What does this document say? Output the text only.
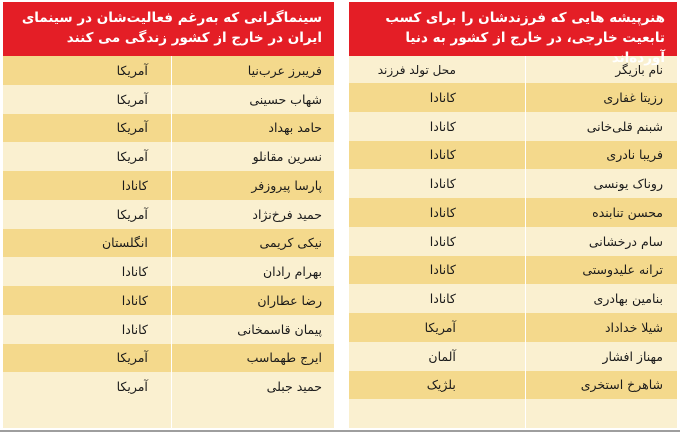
هنرپیشه هایی که فرزندشان را برای کسب تابعیت خارجی، در خارج از کشور به دنیا آورده‌اند
نام بازیگر
محل تولد فرزند
رزیتا غفاری
کانادا
شبنم قلی‌خانی
کانادا
فریبا نادری
کانادا
روناک یونسی
کانادا
محسن تنابنده
کانادا
سام درخشانی
کانادا
ترانه علیدوستی
کانادا
بنامین بهادری
کانادا
شیلا خداداد
آمریکا
مهناز افشار
آلمان
شاهرخ استخری
بلژیک
سینماگرانی که به‌رغم فعالیت‌شان در سینمای ایران در خارج از کشور زندگی می کنند
فریبرز عرب‌نیا
آمریکا
شهاب حسینی
آمریکا
حامد بهداد
آمریکا
نسرین مقانلو
آمریکا
پارسا پیروزفر
کانادا
حمید فرخ‌نژاد
آمریکا
نیکی کریمی
انگلستان
بهرام رادان
کانادا
رضا عطاران
کانادا
پیمان قاسمخانی
کانادا
ایرج طهماسب
آمریکا
حمید جبلی
آمریکا
